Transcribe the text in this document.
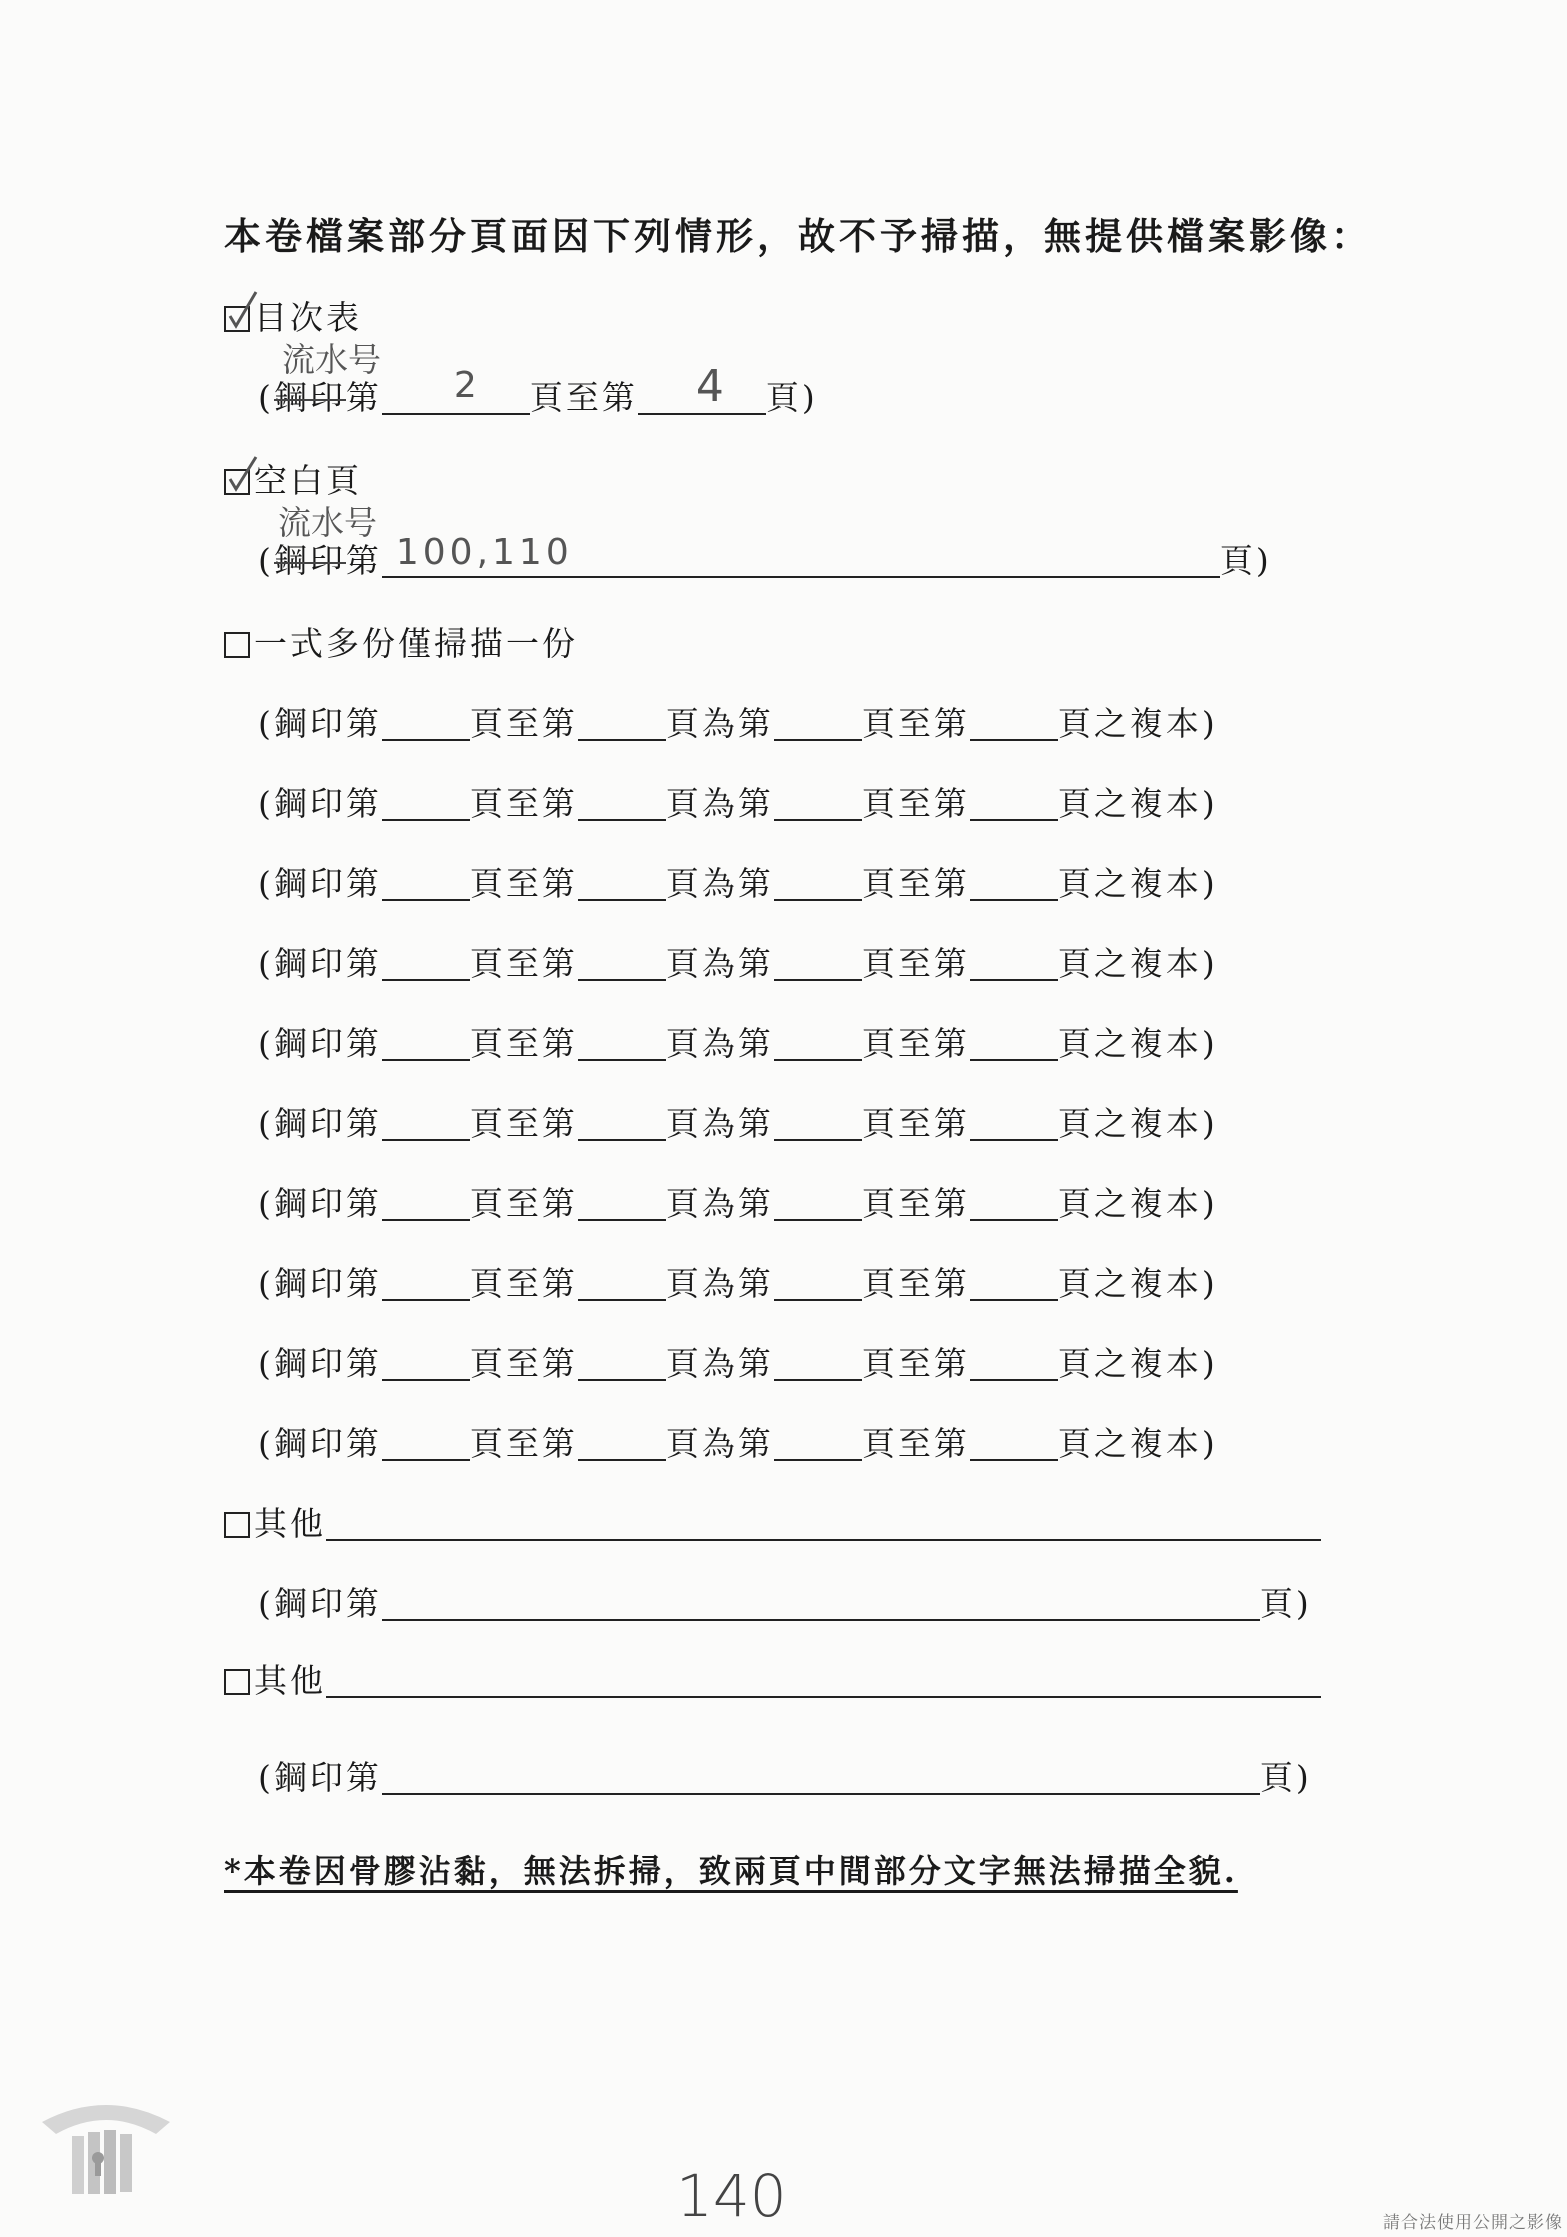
本卷檔案部分頁面因下列情形，故不予掃描，無提供檔案影像：
目次表
流水号
(鋼印第 2 頁至第 4 頁)
空白頁
流水号
(鋼印第 100,110	頁)
一式多份僅掃描一份
(鋼印第	頁至第	頁為第	頁至第	頁之複本)
(鋼印第	頁至第	頁為第	頁至第	頁之複本)
(鋼印第	頁至第	頁為第	頁至第	頁之複本)
(鋼印第	頁至第	頁為第	頁至第	頁之複本)
(鋼印第	頁至第	頁為第	頁至第	頁之複本)
(鋼印第	頁至第	頁為第	頁至第	頁之複本)
(鋼印第	頁至第	頁為第	頁至第	頁之複本)
(鋼印第	頁至第	頁為第	頁至第	頁之複本)
(鋼印第	頁至第	頁為第	頁至第	頁之複本)
(鋼印第	頁至第	頁為第	頁至第	頁之複本)
其他
(鋼印第	頁)
其他
(鋼印第	頁)
*本卷因骨膠沾黏，無法拆掃，致兩頁中間部分文字無法掃描全貌.
140	請合法使用公開之影像
